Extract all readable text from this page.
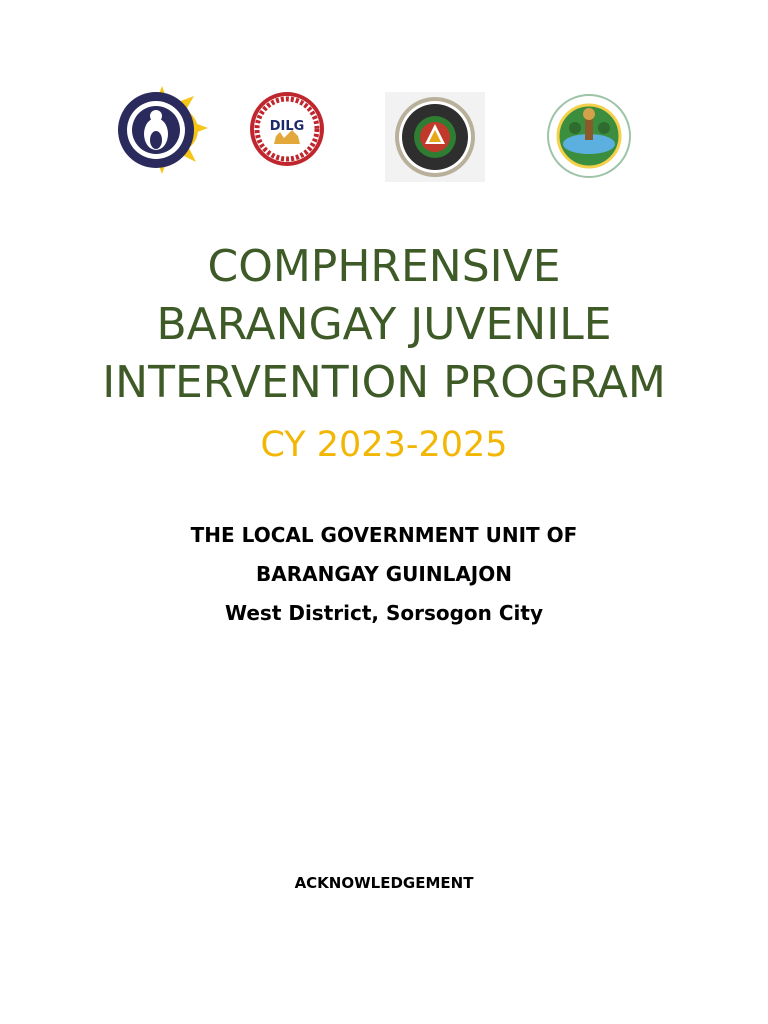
DILG
COMPHRENSIVE
BARANGAY JUVENILE
INTERVENTION PROGRAM
CY 2023-2025
THE LOCAL GOVERNMENT UNIT OF
BARANGAY GUINLAJON
West District, Sorsogon City
ACKNOWLEDGEMENT
